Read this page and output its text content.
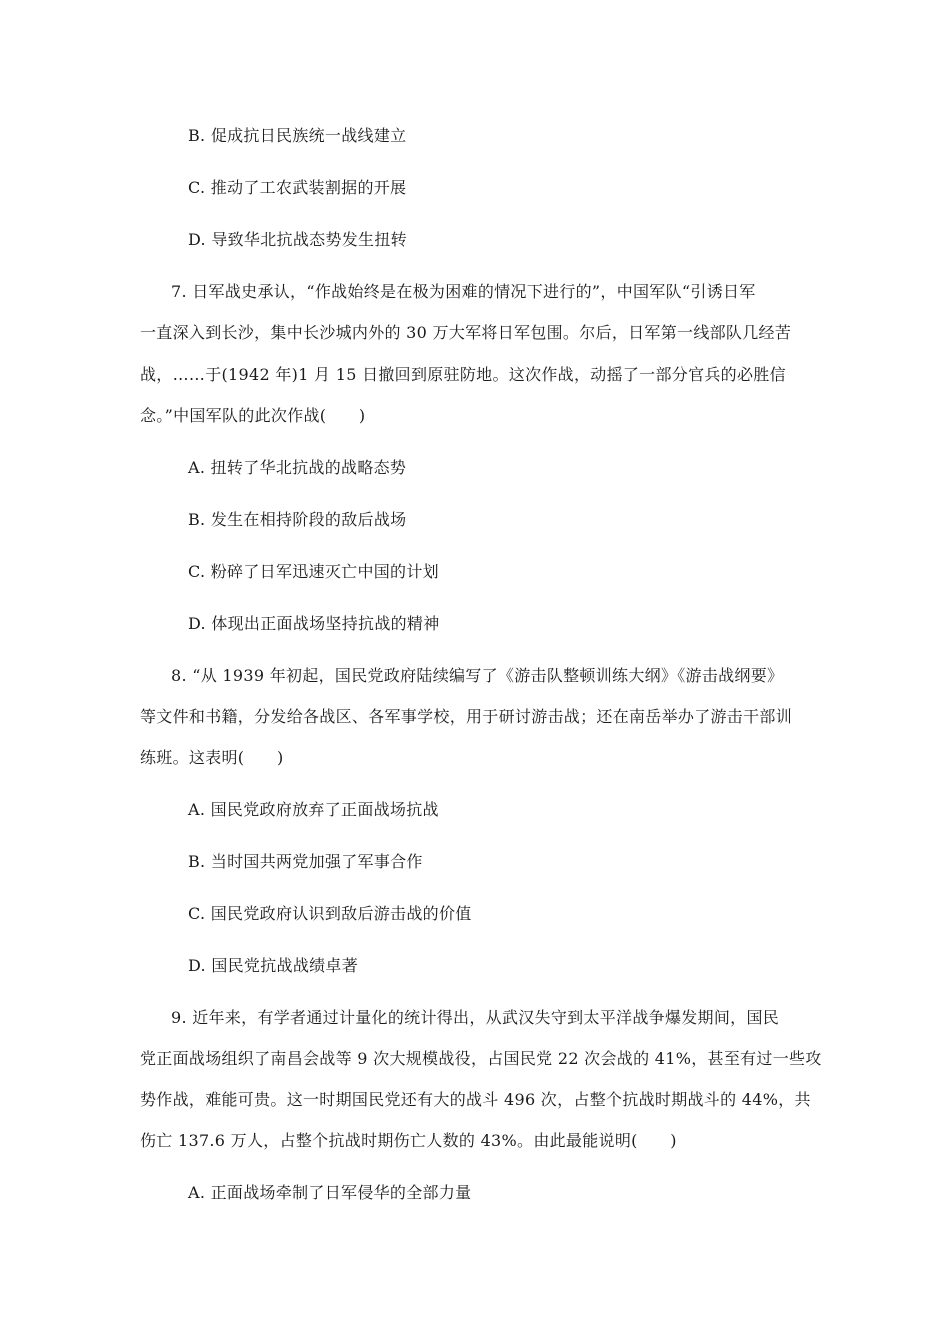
B. 促成抗日民族统一战线建立
C. 推动了工农武装割据的开展
D. 导致华北抗战态势发生扭转
7. 日军战史承认，“作战始终是在极为困难的情况下进行的”，中国军队“引诱日军
一直深入到长沙，集中长沙城内外的 30 万大军将日军包围。尔后，日军第一线部队几经苦
战，……于(1942 年)1 月 15 日撤回到原驻防地。这次作战，动摇了一部分官兵的必胜信
念。”中国军队的此次作战(　　)
A. 扭转了华北抗战的战略态势
B. 发生在相持阶段的敌后战场
C. 粉碎了日军迅速灭亡中国的计划
D. 体现出正面战场坚持抗战的精神
8. “从 1939 年初起，国民党政府陆续编写了《游击队整顿训练大纲》《游击战纲要》
等文件和书籍，分发给各战区、各军事学校，用于研讨游击战；还在南岳举办了游击干部训
练班。这表明(　　)
A. 国民党政府放弃了正面战场抗战
B. 当时国共两党加强了军事合作
C. 国民党政府认识到敌后游击战的价值
D. 国民党抗战战绩卓著
9. 近年来，有学者通过计量化的统计得出，从武汉失守到太平洋战争爆发期间，国民
党正面战场组织了南昌会战等 9 次大规模战役，占国民党 22 次会战的 41%，甚至有过一些攻
势作战，难能可贵。这一时期国民党还有大的战斗 496 次，占整个抗战时期战斗的 44%，共
伤亡 137.6 万人，占整个抗战时期伤亡人数的 43%。由此最能说明(　　)
A. 正面战场牵制了日军侵华的全部力量
